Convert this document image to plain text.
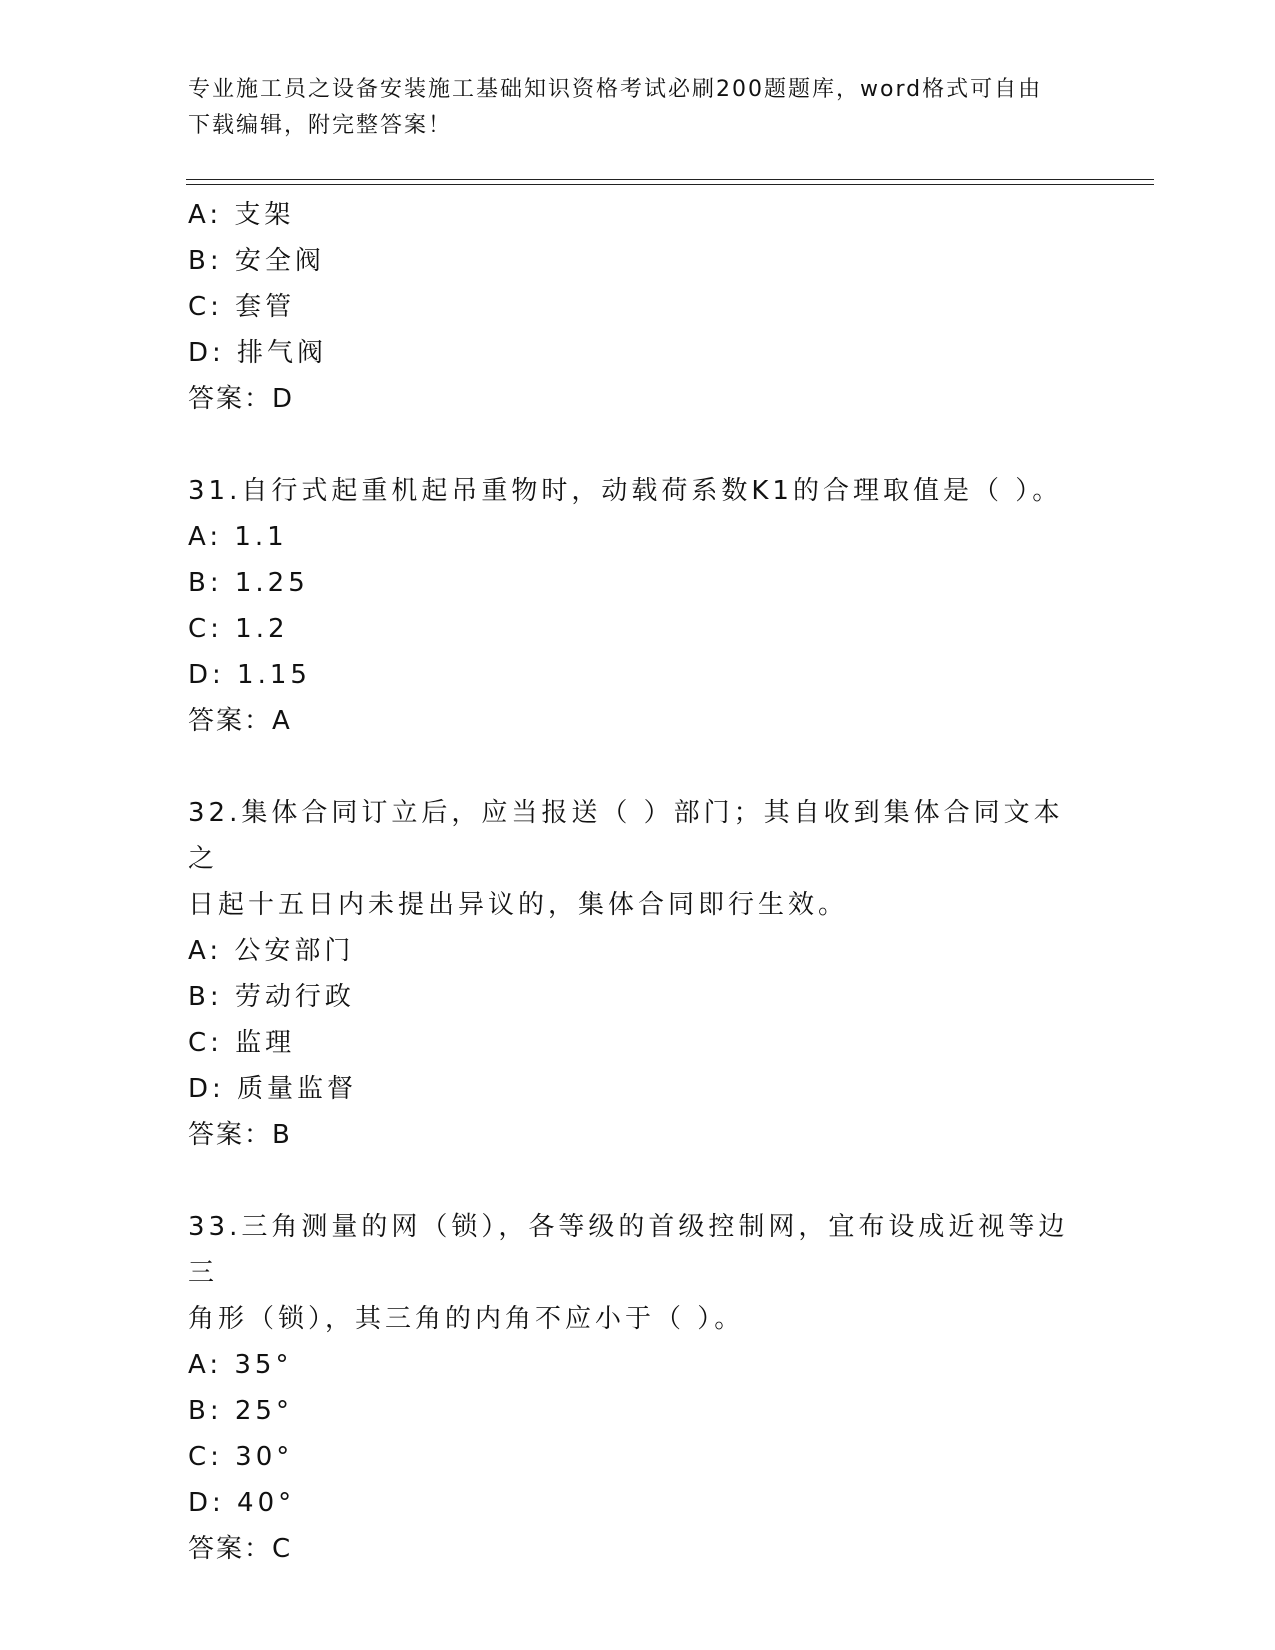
专业施工员之设备安装施工基础知识资格考试必刷200题题库，word格式可自由
下载编辑，附完整答案！
A: 支架
B: 安全阀
C: 套管
D: 排气阀
答案：D
31.自行式起重机起吊重物时，动载荷系数K1的合理取值是（ ）。
A: 1.1
B: 1.25
C: 1.2
D: 1.15
答案：A
32.集体合同订立后，应当报送（ ）部门；其自收到集体合同文本之
日起十五日内未提出异议的，集体合同即行生效。
A: 公安部门
B: 劳动行政
C: 监理
D: 质量监督
答案：B
33.三角测量的网（锁），各等级的首级控制网，宜布设成近视等边三
角形（锁），其三角的内角不应小于（ ）。
A: 35°
B: 25°
C: 30°
D: 40°
答案：C
